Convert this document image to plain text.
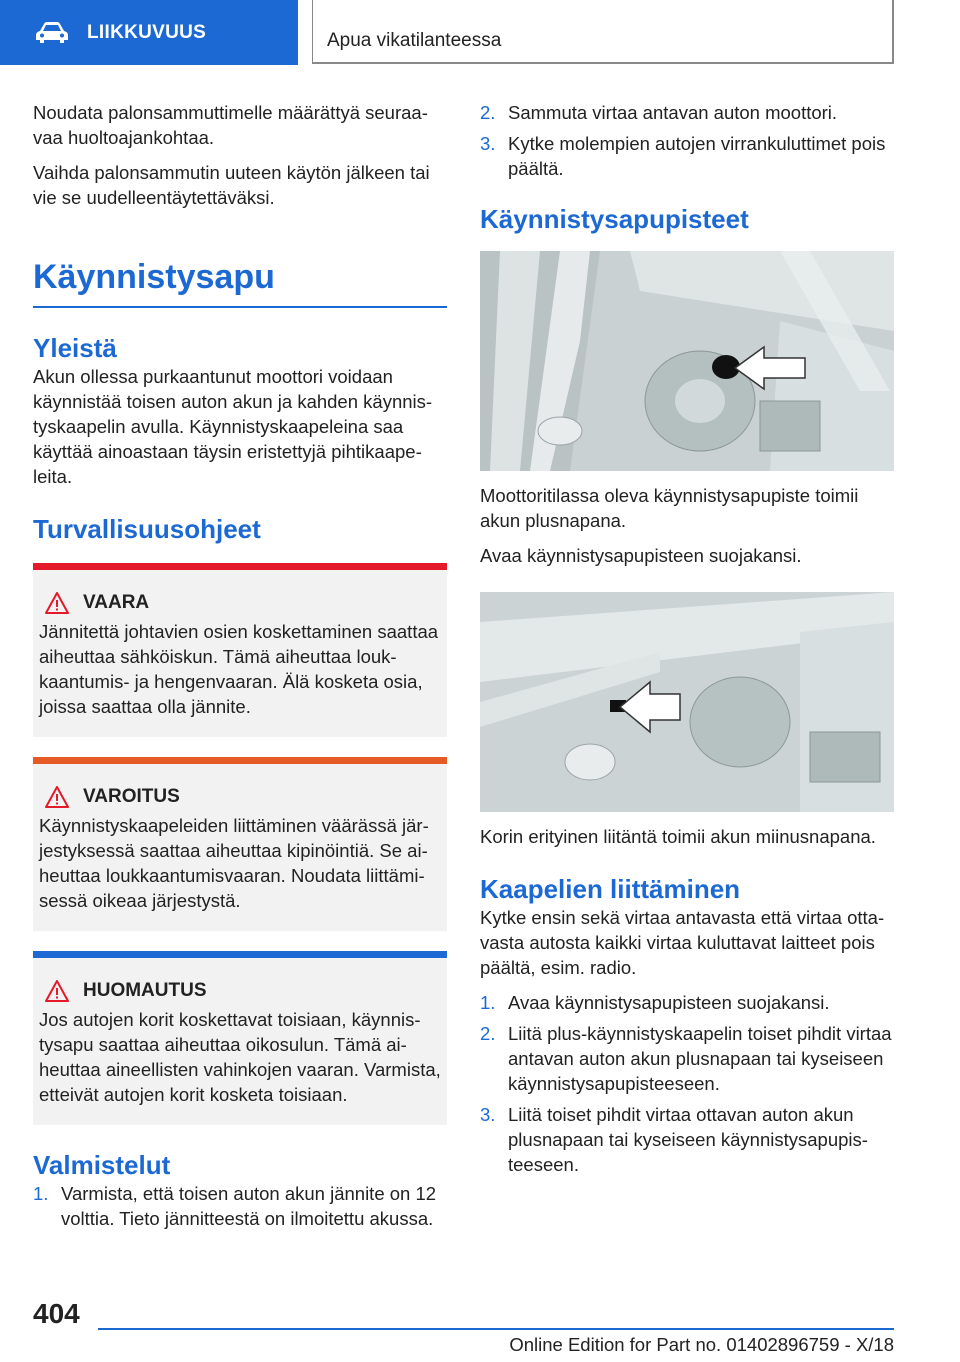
LIIKKUVUUS	Apua vikatilanteessa

Noudata palonsammuttimelle määrättyä seuraavaa huoltoajankohtaa.

Vaihda palonsammutin uuteen käytön jälkeen tai vie se uudelleentäytettäväksi.

Käynnistysapu
Yleistä

Akun ollessa purkaantunut moottori voidaan käynnistää toisen auton akun ja kahden käynnistyskaapelin avulla. Käynnistyskaapeleina saa käyttää ainoastaan täysin eristettyjä pihtikaapeleita.

Turvallisuusohjeet
VAARA
Jännitettä johtavien osien koskettaminen saattaa aiheuttaa sähköiskun. Tämä aiheuttaa loukkaantumis- ja hengenvaaran. Älä kosketa osia, joissa saattaa olla jännite.
VAROITUS
Käynnistyskaapeleiden liittäminen väärässä järjestyksessä saattaa aiheuttaa kipinöintiä. Se aiheuttaa loukkaantumisvaaran. Noudata liittämisessä oikeaa järjestystä.
HUOMAUTUS
Jos autojen korit koskettavat toisiaan, käynnistysapu saattaa aiheuttaa oikosulun. Tämä aiheuttaa aineellisten vahinkojen vaaran. Varmista, etteivät autojen korit kosketa toisiaan.
Valmistelut
1. Varmista, että toisen auton akun jännite on 12 volttia. Tieto jännitteestä on ilmoitettu akussa.
2. Sammuta virtaa antavan auton moottori.
3. Kytke molempien autojen virrankuluttimet pois päältä.
Käynnistysapupisteet

Moottoritilassa oleva käynnistysapupiste toimii akun plusnapana.

Avaa käynnistysapupisteen suojakansi.

Korin erityinen liitäntä toimii akun miinusnapana.

Kaapelien liittäminen

Kytke ensin sekä virtaa antavasta että virtaa ottavasta autosta kaikki virtaa kuluttavat laitteet pois päältä, esim. radio.

1. Avaa käynnistysapupisteen suojakansi.
2. Liitä plus-käynnistyskaapelin toiset pihdit virtaa antavan auton akun plusnapaan tai kyseiseen käynnistysapupisteeseen.
3. Liitä toiset pihdit virtaa ottavan auton akun plusnapaan tai kyseiseen käynnistysapupisteeseen.
404
Online Edition for Part no. 01402896759 - X/18
